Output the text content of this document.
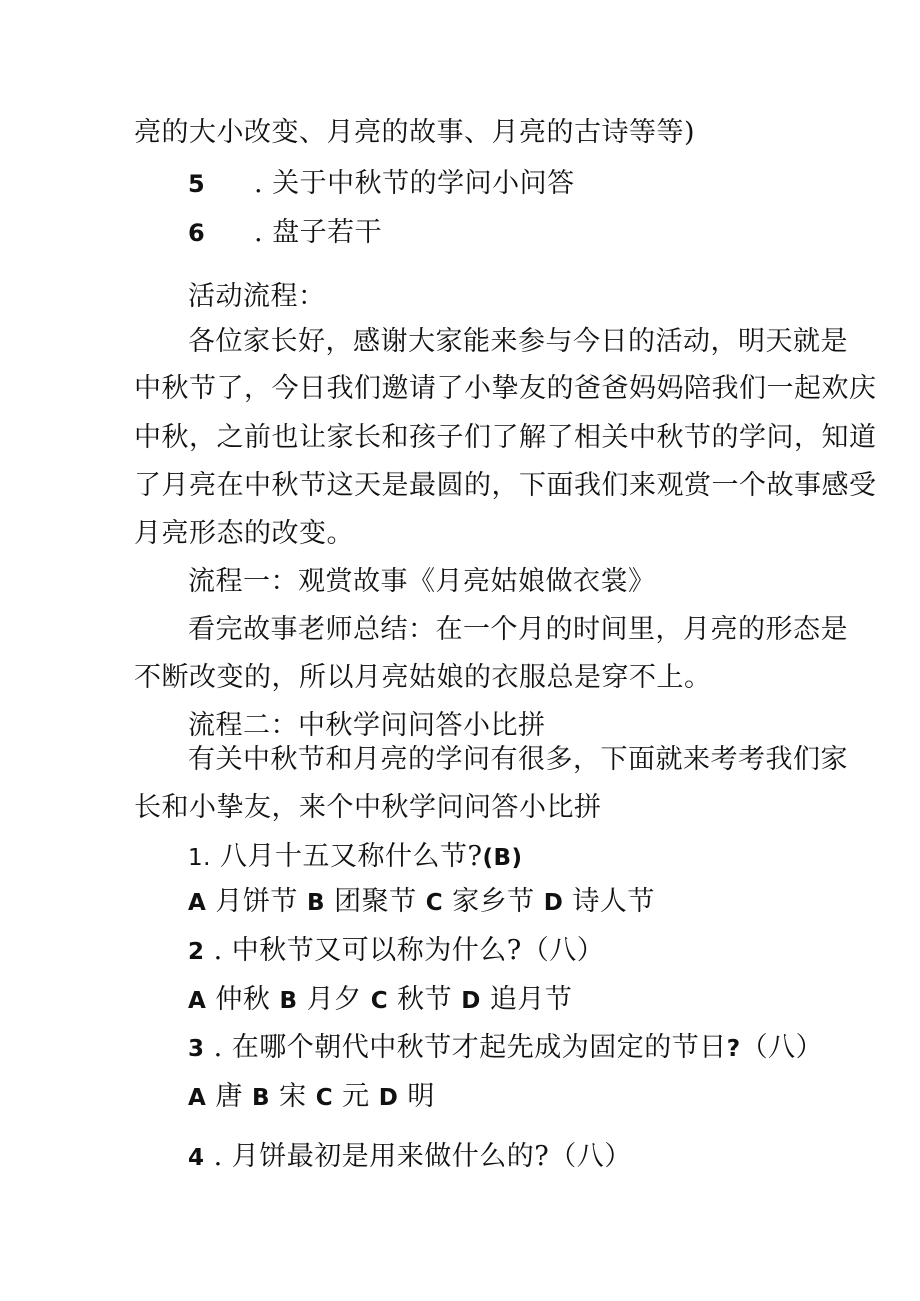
亮的大小改变、月亮的故事、月亮的古诗等等)
5 . 关于中秋节的学问小问答
6 . 盘子若干
活动流程：
各位家长好，感谢大家能来参与今日的活动，明天就是
中秋节了，今日我们邀请了小挚友的爸爸妈妈陪我们一起欢庆
中秋，之前也让家长和孩子们了解了相关中秋节的学问，知道
了月亮在中秋节这天是最圆的，下面我们来观赏一个故事感受
月亮形态的改变。
流程一：观赏故事《月亮姑娘做衣裳》
看完故事老师总结：在一个月的时间里，月亮的形态是
不断改变的，所以月亮姑娘的衣服总是穿不上。
流程二：中秋学问问答小比拼
有关中秋节和月亮的学问有很多，下面就来考考我们家
长和小挚友，来个中秋学问问答小比拼
1. 八月十五又称什么节?(B)
A 月饼节 B 团聚节 C 家乡节 D 诗人节
2 . 中秋节又可以称为什么?（八）
A 仲秋 B 月夕 C 秋节 D 追月节
3 . 在哪个朝代中秋节才起先成为固定的节日?（八）
A 唐 B 宋 C 元 D 明
4 . 月饼最初是用来做什么的?（八）
